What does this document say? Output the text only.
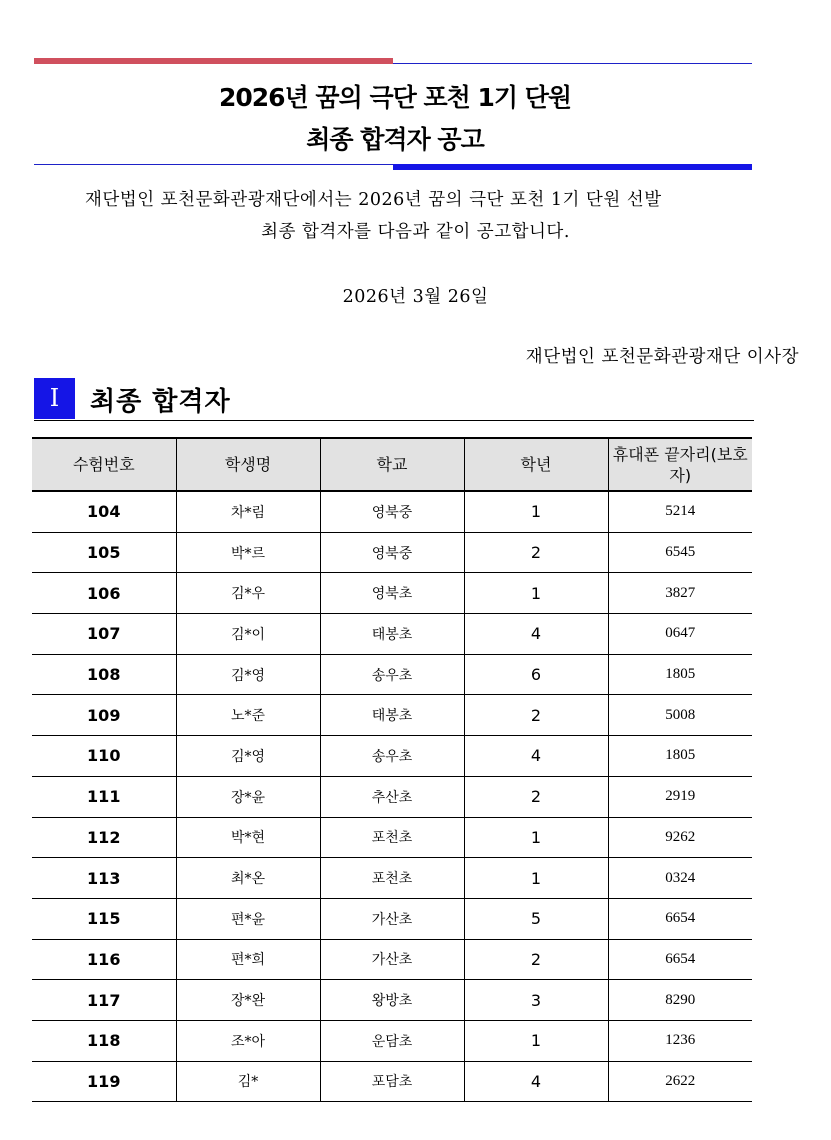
2026년 꿈의 극단 포천 1기 단원
최종 합격자 공고
재단법인 포천문화관광재단에서는 2026년 꿈의 극단 포천 1기 단원 선발
최종 합격자를 다음과 같이 공고합니다.
2026년 3월 26일
재단법인 포천문화관광재단 이사장
I	최종 합격자
수험번호	학생명	학교	학년	휴대폰 끝자리(보호자)
104	차*림	영북중	1	5214
105	박*르	영북중	2	6545
106	김*우	영북초	1	3827
107	김*이	태봉초	4	0647
108	김*영	송우초	6	1805
109	노*준	태봉초	2	5008
110	김*영	송우초	4	1805
111	장*윤	추산초	2	2919
112	박*현	포천초	1	9262
113	최*온	포천초	1	0324
115	편*윤	가산초	5	6654
116	편*희	가산초	2	6654
117	장*완	왕방초	3	8290
118	조*아	운담초	1	1236
119	김*	포담초	4	2622
